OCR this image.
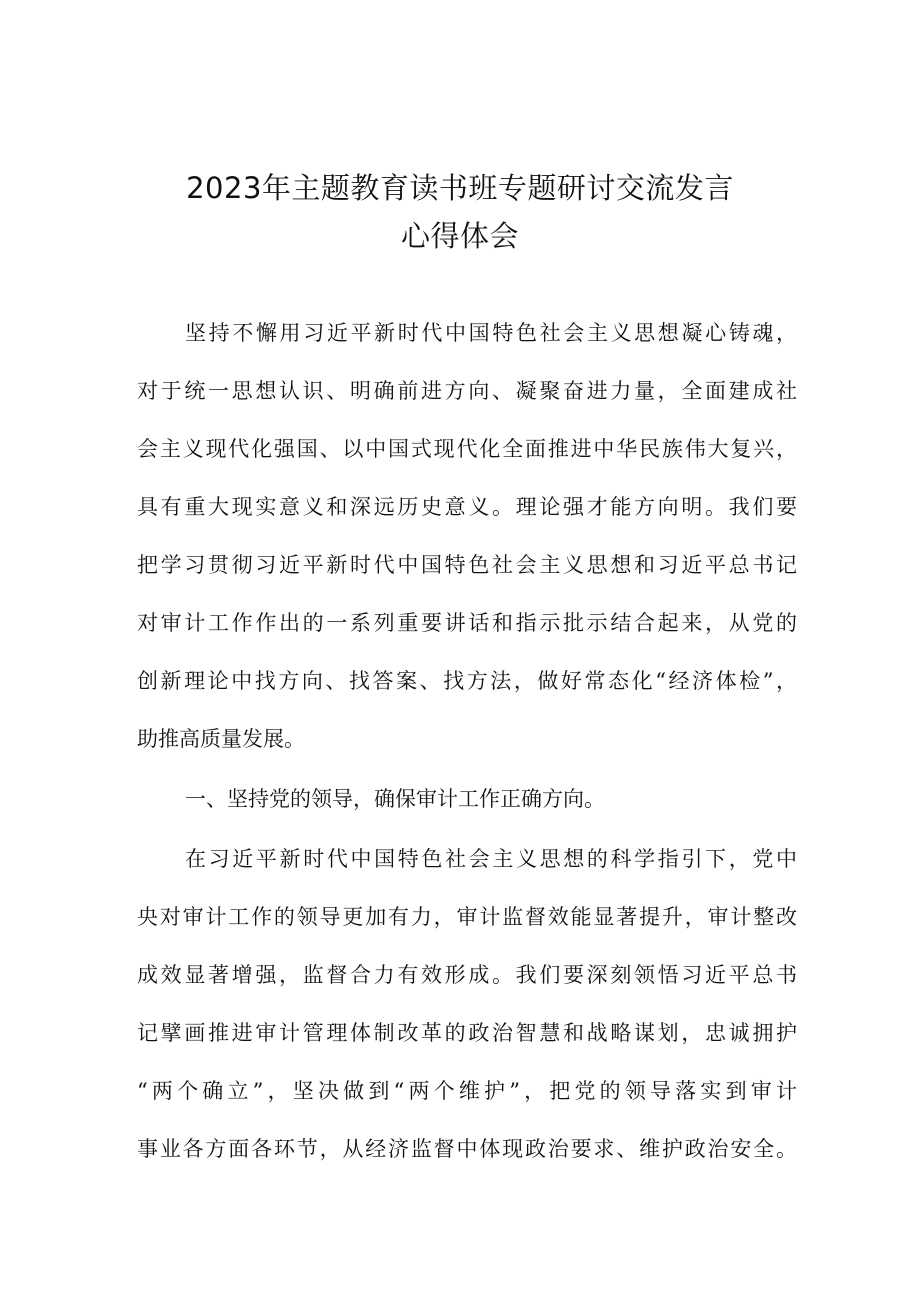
2023年主题教育读书班专题研讨交流发言
心得体会
坚持不懈用习近平新时代中国特色社会主义思想凝心铸魂，
对于统一思想认识、明确前进方向、凝聚奋进力量，全面建成社
会主义现代化强国、以中国式现代化全面推进中华民族伟大复兴，
具有重大现实意义和深远历史意义。理论强才能方向明。我们要
把学习贯彻习近平新时代中国特色社会主义思想和习近平总书记
对审计工作作出的一系列重要讲话和指示批示结合起来，从党的
创新理论中找方向、找答案、找方法，做好常态化“经济体检”，
助推高质量发展。
一、坚持党的领导，确保审计工作正确方向。
在习近平新时代中国特色社会主义思想的科学指引下，党中
央对审计工作的领导更加有力，审计监督效能显著提升，审计整改
成效显著增强，监督合力有效形成。我们要深刻领悟习近平总书
记擘画推进审计管理体制改革的政治智慧和战略谋划，忠诚拥护
“两个确立”，坚决做到“两个维护”，把党的领导落实到审计
事业各方面各环节，从经济监督中体现政治要求、维护政治安全。
